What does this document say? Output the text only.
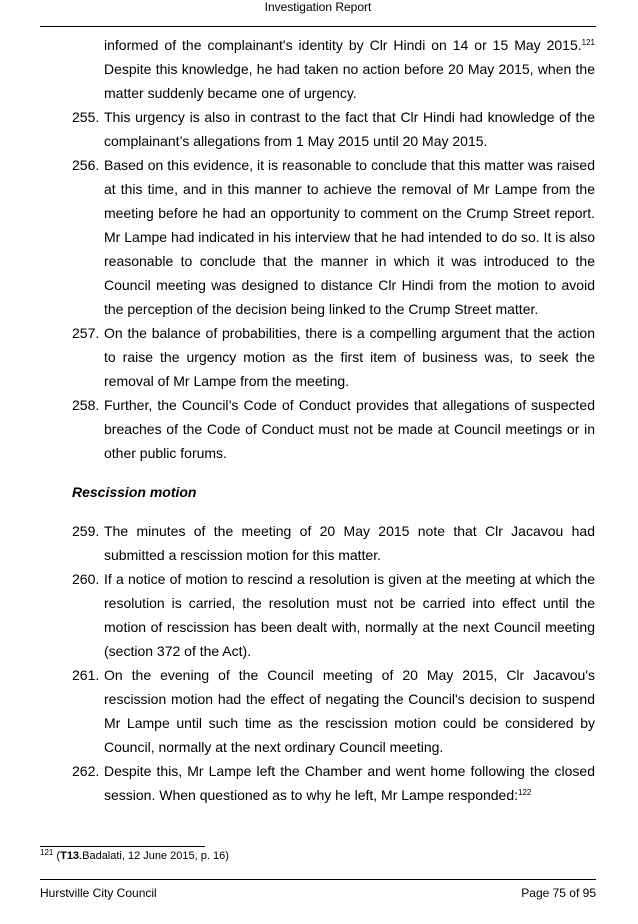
Investigation Report
informed of the complainant's identity by Clr Hindi on 14 or 15 May 2015.$^{121}$ Despite this knowledge, he had taken no action before 20 May 2015, when the matter suddenly became one of urgency.
255. This urgency is also in contrast to the fact that Clr Hindi had knowledge of the complainant’s allegations from 1 May 2015 until 20 May 2015.
256. Based on this evidence, it is reasonable to conclude that this matter was raised at this time, and in this manner to achieve the removal of Mr Lampe from the meeting before he had an opportunity to comment on the Crump Street report. Mr Lampe had indicated in his interview that he had intended to do so. It is also reasonable to conclude that the manner in which it was introduced to the Council meeting was designed to distance Clr Hindi from the motion to avoid the perception of the decision being linked to the Crump Street matter.
257. On the balance of probabilities, there is a compelling argument that the action to raise the urgency motion as the first item of business was, to seek the removal of Mr Lampe from the meeting.
258. Further, the Council’s Code of Conduct provides that allegations of suspected breaches of the Code of Conduct must not be made at Council meetings or in other public forums.
Rescission motion
259. The minutes of the meeting of 20 May 2015 note that Clr Jacavou had submitted a rescission motion for this matter.
260. If a notice of motion to rescind a resolution is given at the meeting at which the resolution is carried, the resolution must not be carried into effect until the motion of rescission has been dealt with, normally at the next Council meeting (section 372 of the Act).
261. On the evening of the Council meeting of 20 May 2015, Clr Jacavou's rescission motion had the effect of negating the Council's decision to suspend Mr Lampe until such time as the rescission motion could be considered by Council, normally at the next ordinary Council meeting.
262. Despite this, Mr Lampe left the Chamber and went home following the closed session. When questioned as to why he left, Mr Lampe responded:$^{122}$
$^{121}$ (T13.Badalati, 12 June 2015, p. 16)
Hurstville City Council	Page 75 of 95
